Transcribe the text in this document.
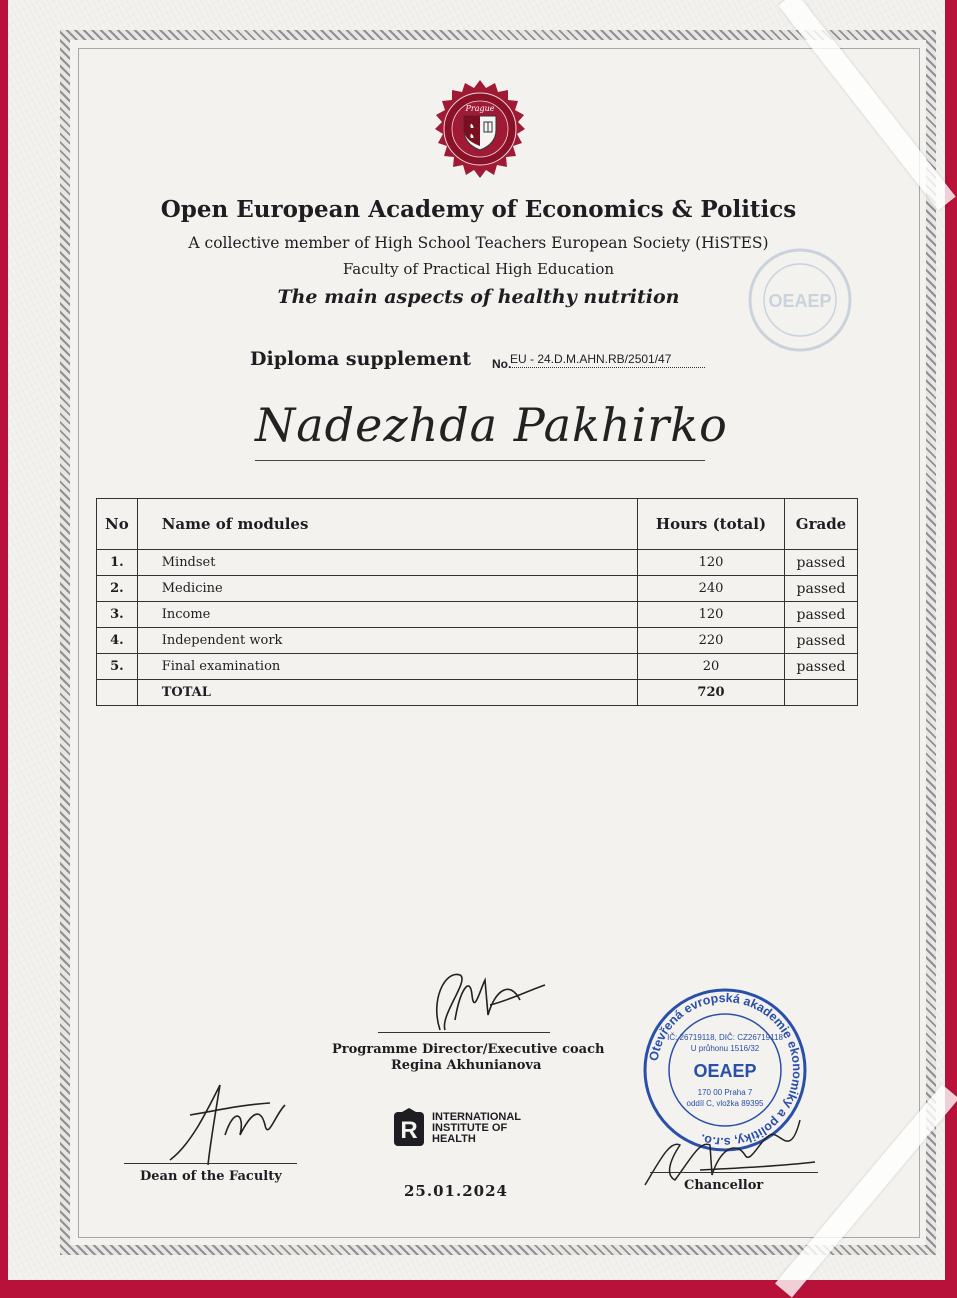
Prague
♞
♞
Open European Academy of Economics & Politics
A collective member of High School Teachers European Society (HiSTES)
Faculty of Practical High Education
The main aspects of healthy nutrition	OEAEP
Diploma supplement No.
EU - 24.D.M.AHN.RB/2501/47
Nadezhda Pakhirko
No	Name of modules	Hours (total)	Grade
1.	Mindset	120	passed
2.	Medicine	240	passed
3.	Income	120	passed
4.	Independent work	220	passed
5.	Final examination	20	passed
	TOTAL	720	
Programme Director/Executive coach
Regina Akhunianova
Dean of the Faculty
R INTERNATIONAL
INSTITUTE OF
HEALTH
25.01.2024
Otevřená evropská akademie ekonomiky a politiky, s.r.o.
IČ: 26719118, DIČ: CZ26719118
U průhonu 1516/32
OEAEP
170 00 Praha 7
oddíl C, vložka 89395
Chancellor
